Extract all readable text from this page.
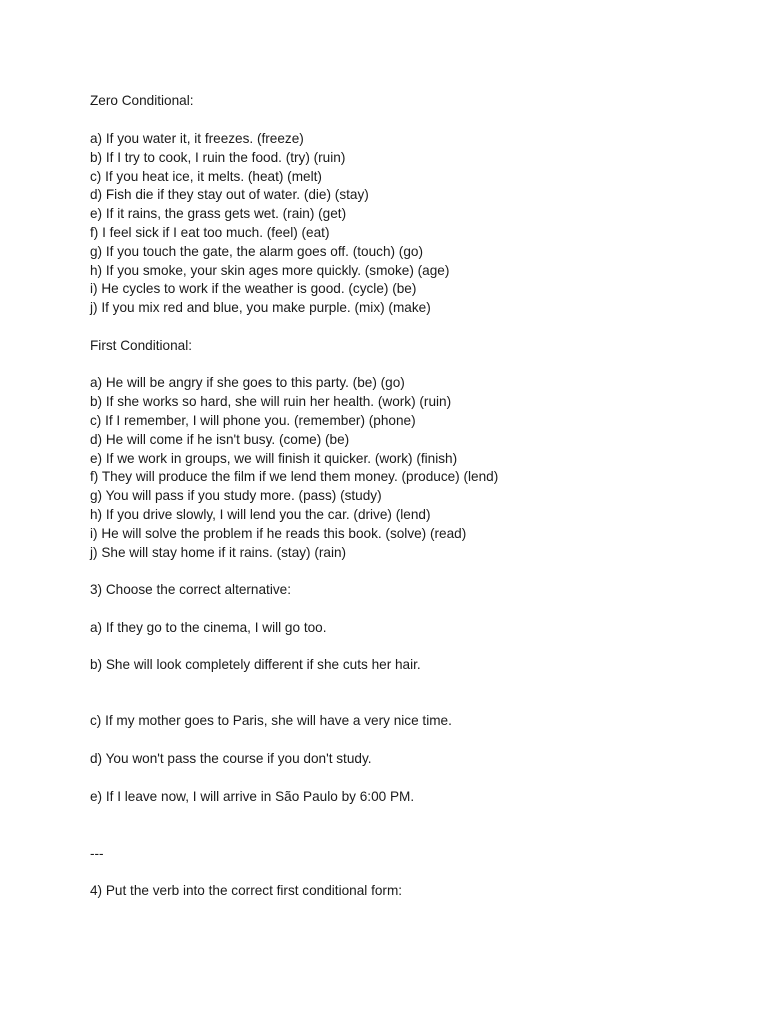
Zero Conditional:
a) If you water it, it freezes. (freeze)
b) If I try to cook, I ruin the food. (try) (ruin)
c) If you heat ice, it melts. (heat) (melt)
d) Fish die if they stay out of water. (die) (stay)
e) If it rains, the grass gets wet. (rain) (get)
f) I feel sick if I eat too much. (feel) (eat)
g) If you touch the gate, the alarm goes off. (touch) (go)
h) If you smoke, your skin ages more quickly. (smoke) (age)
i) He cycles to work if the weather is good. (cycle) (be)
j) If you mix red and blue, you make purple. (mix) (make)
First Conditional:
a) He will be angry if she goes to this party. (be) (go)
b) If she works so hard, she will ruin her health. (work) (ruin)
c) If I remember, I will phone you. (remember) (phone)
d) He will come if he isn't busy. (come) (be)
e) If we work in groups, we will finish it quicker. (work) (finish)
f) They will produce the film if we lend them money. (produce) (lend)
g) You will pass if you study more. (pass) (study)
h) If you drive slowly, I will lend you the car. (drive) (lend)
i) He will solve the problem if he reads this book. (solve) (read)
j) She will stay home if it rains. (stay) (rain)
3) Choose the correct alternative:
a) If they go to the cinema, I will go too.
b) She will look completely different if she cuts her hair.
c) If my mother goes to Paris, she will have a very nice time.
d) You won't pass the course if you don't study.
e) If I leave now, I will arrive in São Paulo by 6:00 PM.
---
4) Put the verb into the correct first conditional form:
